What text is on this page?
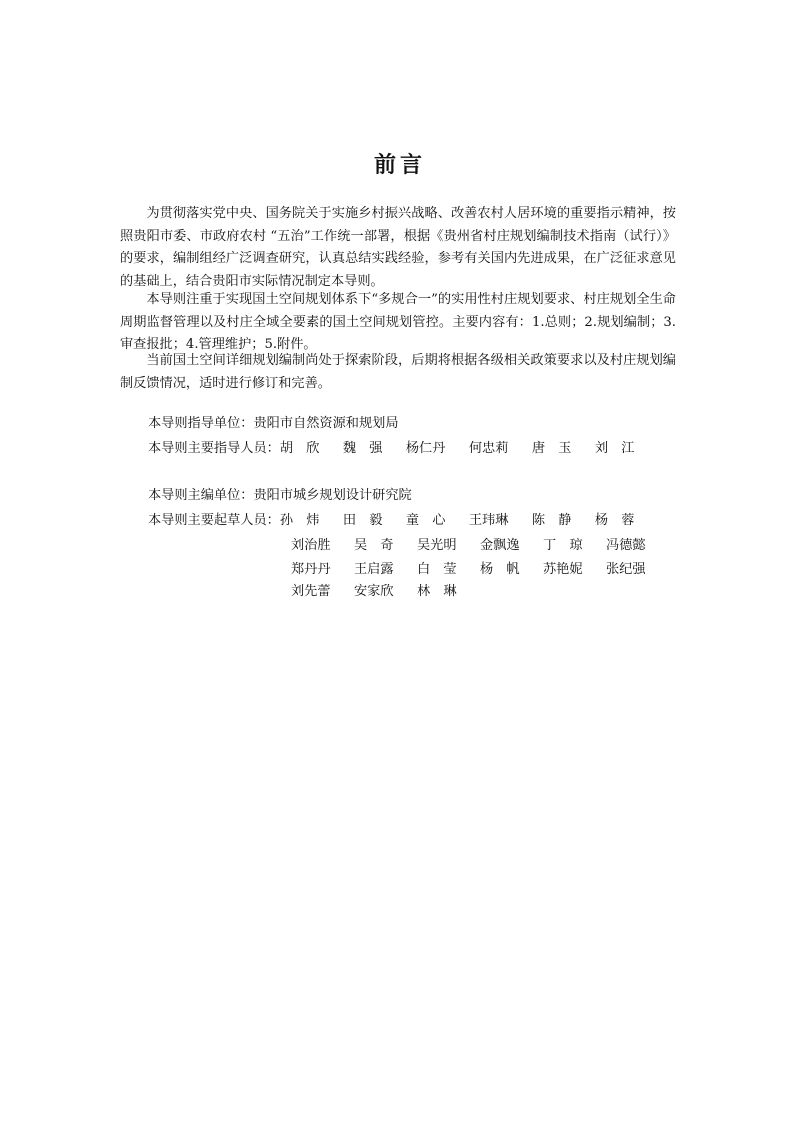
前言

为贯彻落实党中央、国务院关于实施乡村振兴战略、改善农村人居环境的重要指示精神，按照贵阳市委、市政府农村 “五治”工作统一部署，根据《贵州省村庄规划编制技术指南（试行）》的要求，编制组经广泛调查研究，认真总结实践经验，参考有关国内先进成果，在广泛征求意见的基础上，结合贵阳市实际情况制定本导则。

本导则注重于实现国土空间规划体系下“多规合一”的实用性村庄规划要求、村庄规划全生命周期监督管理以及村庄全域全要素的国土空间规划管控。主要内容有：1.总则；2.规划编制；3.审查报批；4.管理维护；5.附件。

当前国土空间详细规划编制尚处于探索阶段，后期将根据各级相关政策要求以及村庄规划编制反馈情况，适时进行修订和完善。

本导则指导单位：贵阳市自然资源和规划局
本导则主要指导人员：胡　欣 魏　强 杨仁丹 何忠莉 唐　玉 刘　江
本导则主编单位：贵阳市城乡规划设计研究院
本导则主要起草人员：孙　炜 田　毅 童　心 王玮琳 陈　静 杨　蓉
刘治胜 吴　奇 吴光明 金飘逸 丁　琼 冯德懿
郑丹丹 王启露 白　莹 杨　帆 苏艳妮 张纪强
刘先蕾 安家欣 林　琳
